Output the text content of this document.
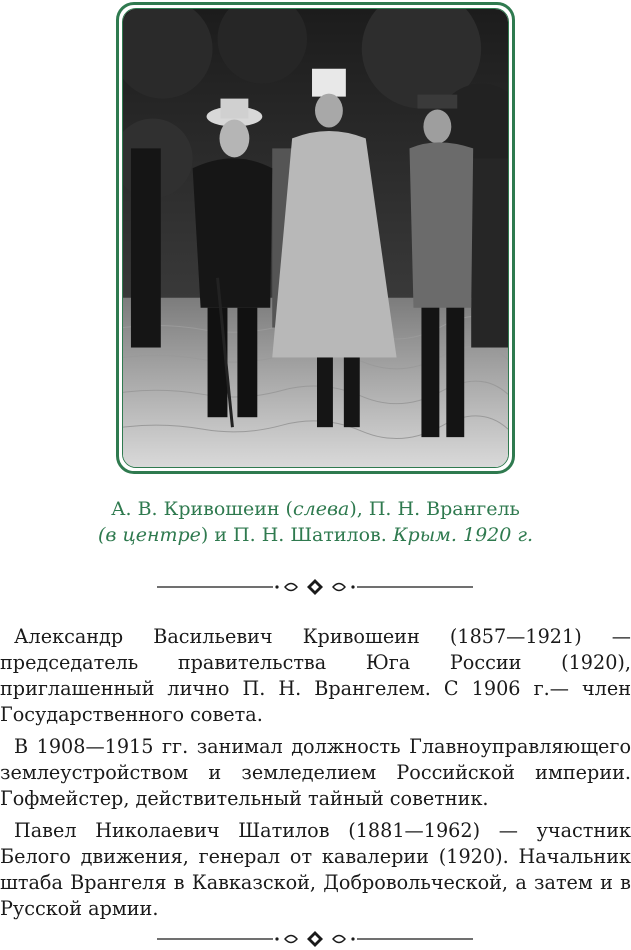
А. В. Кривошеин (слева), П. Н. Врангель
(в центре) и П. Н. Шатилов. Крым. 1920 г.

Александр Васильевич Кривошеин (1857—1921) — председатель правительства Юга России (1920), приглашенный лично П. Н. Врангелем. С 1906 г.— член Государственного совета.

В 1908—1915 гг. занимал должность Главноуправляющего землеустройством и земледелием Российской империи. Гофмейстер, действительный тайный советник.

Павел Николаевич Шатилов (1881—1962) — участник Белого движения, генерал от кавалерии (1920). Начальник штаба Врангеля в Кавказской, Добровольческой, а затем и в Русской армии.
